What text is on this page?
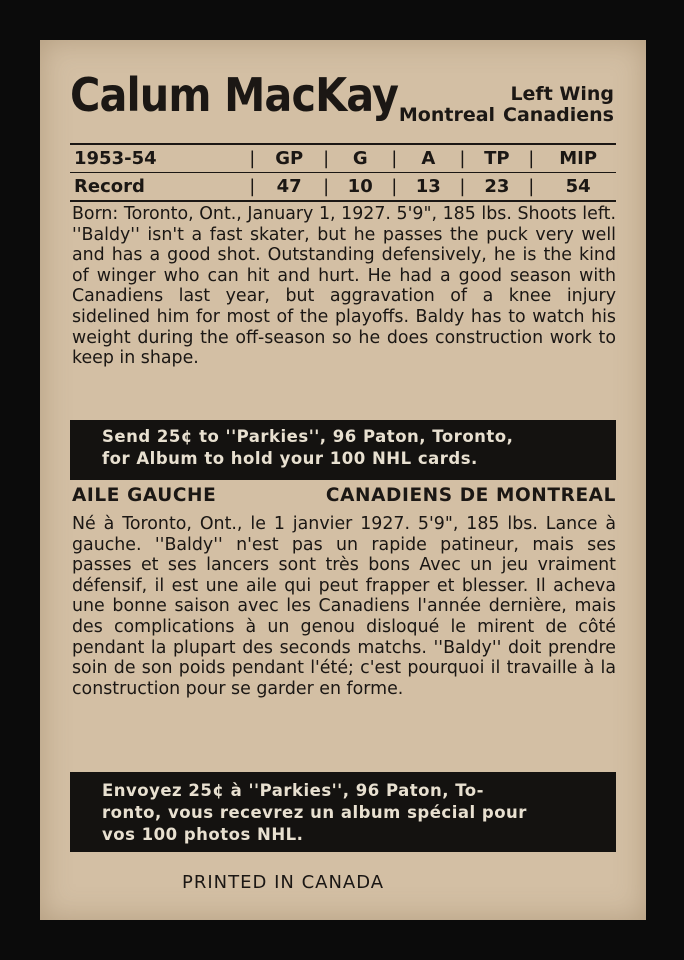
Calum MacKay	Left Wing
Montreal Canadiens
1953-54	|	GP	|	G	|	A	|	TP	|	MIP
Record	|	47	|	10	|	13	|	23	|	54
Born: Toronto, Ont., January 1, 1927. 5'9", 185 lbs. Shoots left. ''Baldy'' isn't a fast skater, but he passes the puck very well and has a good shot. Outstanding defensively, he is the kind of winger who can hit and hurt. He had a good season with Canadiens last year, but aggravation of a knee injury sidelined him for most of the playoffs. Baldy has to watch his weight during the off-season so he does construction work to keep in shape.
Send 25¢ to ''Parkies'', 96 Paton, Toronto,
for Album to hold your 100 NHL cards.
AILE GAUCHE	CANADIENS DE MONTREAL
Né à Toronto, Ont., le 1 janvier 1927. 5'9", 185 lbs. Lance à gauche. ''Baldy'' n'est pas un rapide patineur, mais ses passes et ses lancers sont très bons Avec un jeu vraiment défensif, il est une aile qui peut frapper et blesser. Il acheva une bonne saison avec les Canadiens l'année dernière, mais des complications à un genou disloqué le mirent de côté pendant la plupart des seconds matchs. ''Baldy'' doit prendre soin de son poids pendant l'été; c'est pourquoi il travaille à la construction pour se garder en forme.
Envoyez 25¢ à ''Parkies'', 96 Paton, To-
ronto, vous recevrez un album spécial pour
vos 100 photos NHL.
PRINTED IN CANADA
